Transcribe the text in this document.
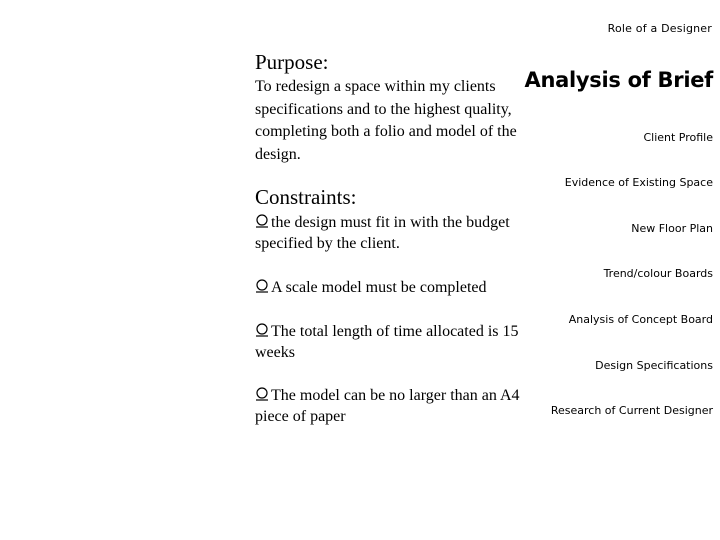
Role of a Designer
Purpose:
To redesign a space within my clients specifications and to the highest quality, completing both a folio and model of the design.
Analysis of Brief
Constraints:
the design must fit in with the budget specified by the client.
A scale model must be completed
The total length of time allocated is 15 weeks
The model can be no larger than an A4 piece of paper
Client Profile
Evidence of Existing Space
New Floor Plan
Trend/colour Boards
Analysis of Concept Board
Design Specifications
Research of Current Designer
